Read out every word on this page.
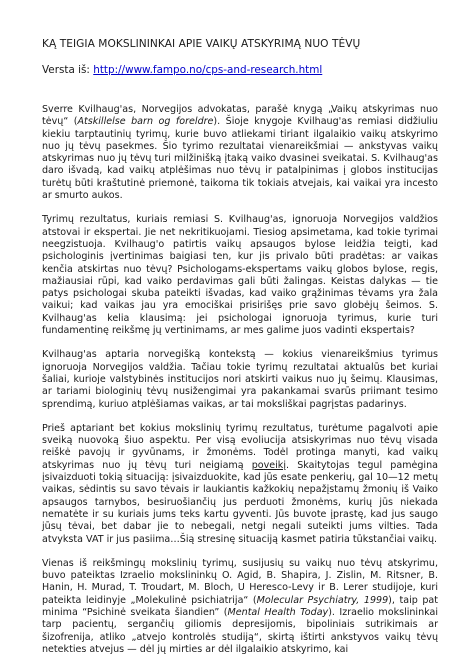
KĄ TEIGIA MOKSLININKAI APIE VAIKŲ ATSKYRIMĄ NUO TĖVŲ

Versta iš: http://www.fampo.no/cps-and-research.html

Sverre Kvilhaug'as, Norvegijos advokatas, parašė knygą „Vaikų atskyrimas nuo tėvų“ (Atskillelse barn og foreldre). Šioje knygoje Kvilhaug'as remiasi didžiuliu kiekiu tarptautinių tyrimų, kurie buvo atliekami tiriant ilgalaikio vaikų atskyrimo nuo jų tėvų pasekmes. Šio tyrimo rezultatai vienareikšmiai — ankstyvas vaikų atskyrimas nuo jų tėvų turi milžinišką įtaką vaiko dvasinei sveikatai. S. Kvilhaug'as daro išvadą, kad vaikų atplėšimas nuo tėvų ir patalpinimas į globos institucijas turėtų būti kraštutinė priemonė, taikoma tik tokiais atvejais, kai vaikai yra incesto ar smurto aukos.

Tyrimų rezultatus, kuriais remiasi S. Kvilhaug'as, ignoruoja Norvegijos valdžios atstovai ir ekspertai. Jie net nekritikuojami. Tiesiog apsimetama, kad tokie tyrimai neegzistuoja. Kvilhaug'o patirtis vaikų apsaugos bylose leidžia teigti, kad psichologinis įvertinimas baigiasi ten, kur jis privalo būti pradėtas: ar vaikas kenčia atskirtas nuo tėvų? Psichologams-ekspertams vaikų globos bylose, regis, mažiausiai rūpi, kad vaiko perdavimas gali būti žalingas. Keistas dalykas — tie patys psichologai skuba pateikti išvadas, kad vaiko grąžinimas tėvams yra žala vaikui; kad vaikas jau yra emociškai prisirišęs prie savo globėjų šeimos. S. Kvilhaug'as kelia klausimą: jei psichologai ignoruoja tyrimus, kurie turi fundamentinę reikšmę jų vertinimams, ar mes galime juos vadinti ekspertais?

Kvilhaug'as aptaria norvegišką kontekstą — kokius vienareikšmius tyrimus ignoruoja Norvegijos valdžia. Tačiau tokie tyrimų rezultatai aktualūs bet kuriai šaliai, kurioje valstybinės institucijos nori atskirti vaikus nuo jų šeimų. Klausimas, ar tariami biologinių tėvų nusižengimai yra pakankamai svarūs priimant tesimo sprendimą, kuriuo atplėšiamas vaikas, ar tai moksliškai pagrįstas padarinys.

Prieš aptariant bet kokius mokslinių tyrimų rezultatus, turėtume pagalvoti apie sveiką nuovoką šiuo aspektu. Per visą evoliucija atsiskyrimas nuo tėvų visada reiškė pavojų ir gyvūnams, ir žmonėms. Todėl protinga manyti, kad vaikų atskyrimas nuo jų tėvų turi neigiamą poveikį. Skaitytojas tegul pamėgina įsivaizduoti tokią situaciją: įsivaizduokite, kad jūs esate penkerių, gal 10—12 metų vaikas, sėdintis su savo tėvais ir laukiantis kažkokių nepažįstamų žmonių iš Vaiko apsaugos tarnybos, besiruošiančių jus perduoti žmonėms, kurių jūs niekada nematėte ir su kuriais jums teks kartu gyventi. Jūs buvote įprastę, kad jus saugo jūsų tėvai, bet dabar jie to nebegali, netgi negali suteikti jums vilties. Tada atvyksta VAT ir jus pasiima…Šią stresinę situaciją kasmet patiria tūkstančiai vaikų.

Vienas iš reikšmingų mokslinių tyrimų, susijusių su vaikų nuo tėvų atskyrimu, buvo pateiktas Izraelio mokslininkų O. Agid, B. Shapira, J. Zislin, M. Ritsner, B. Hanin, H. Murad, T. Troudart, M. Bloch, U Heresco-Levy ir B. Lerer studijoje, kuri pateikta leidinyje „Molekulinė psichiatrija“ (Molecular Psychiatry, 1999), taip pat minima “Psichinė sveikata šiandien” (Mental Health Today). Izraelio mokslininkai tarp pacientų, sergančių giliomis depresijomis, bipoliniais sutrikimais ar šizofrenija, atliko „atvejo kontrolės studiją“, skirtą ištirti ankstyvos vaikų tėvų netekties atvejus — dėl jų mirties ar dėl ilgalaikio atskyrimo, kai
